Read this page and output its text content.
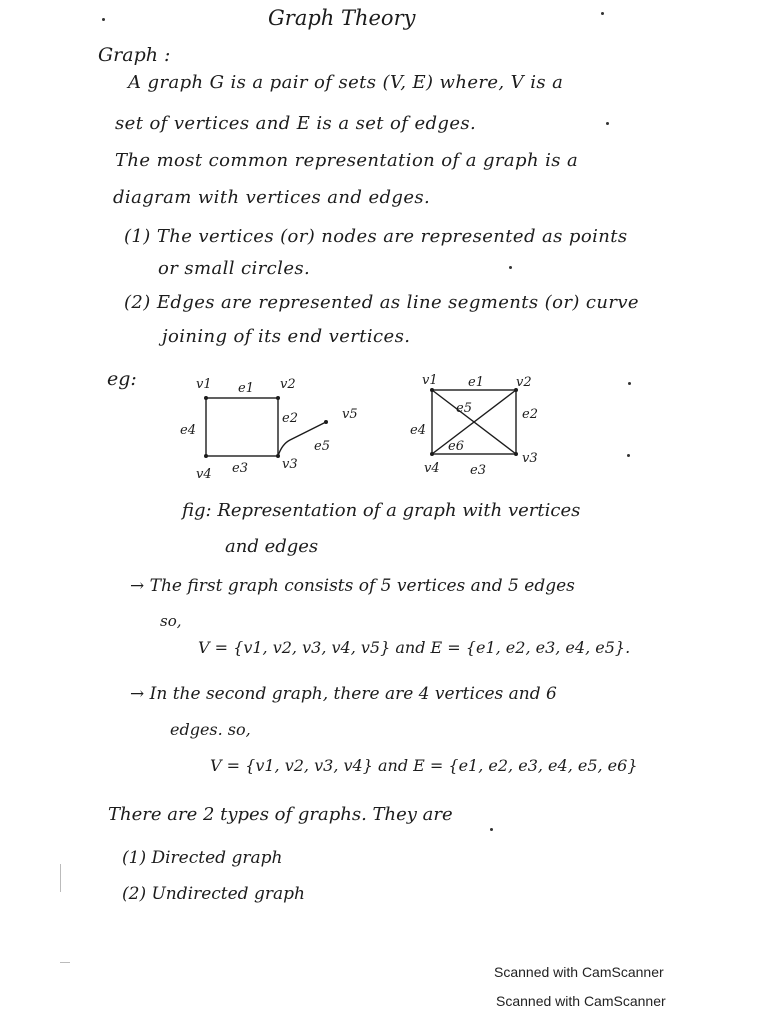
Graph Theory
Graph :
A graph G is a pair of sets (V, E) where, V is a
set of vertices and E is a set of edges.
The most common representation of a graph is a
diagram with vertices and edges.
(1) The vertices (or) nodes are represented as points
or small circles.
(2) Edges are represented as line segments (or) curve
joining of its end vertices.
eg:	v1 e1 v2
e2	v5
e4
e5
v4 e3	v3
v1 e1 v2
e5	e2
e4
e6
v3
v4 e3
fig: Representation of a graph with vertices
and edges
→ The first graph consists of 5 vertices and 5 edges
so,
V = {v1, v2, v3, v4, v5} and E = {e1, e2, e3, e4, e5}.
→ In the second graph, there are 4 vertices and 6
edges. so,
V = {v1, v2, v3, v4} and E = {e1, e2, e3, e4, e5, e6}
There are 2 types of graphs. They are
(1) Directed graph
(2) Undirected graph
Scanned with CamScanner
Scanned with CamScanner
